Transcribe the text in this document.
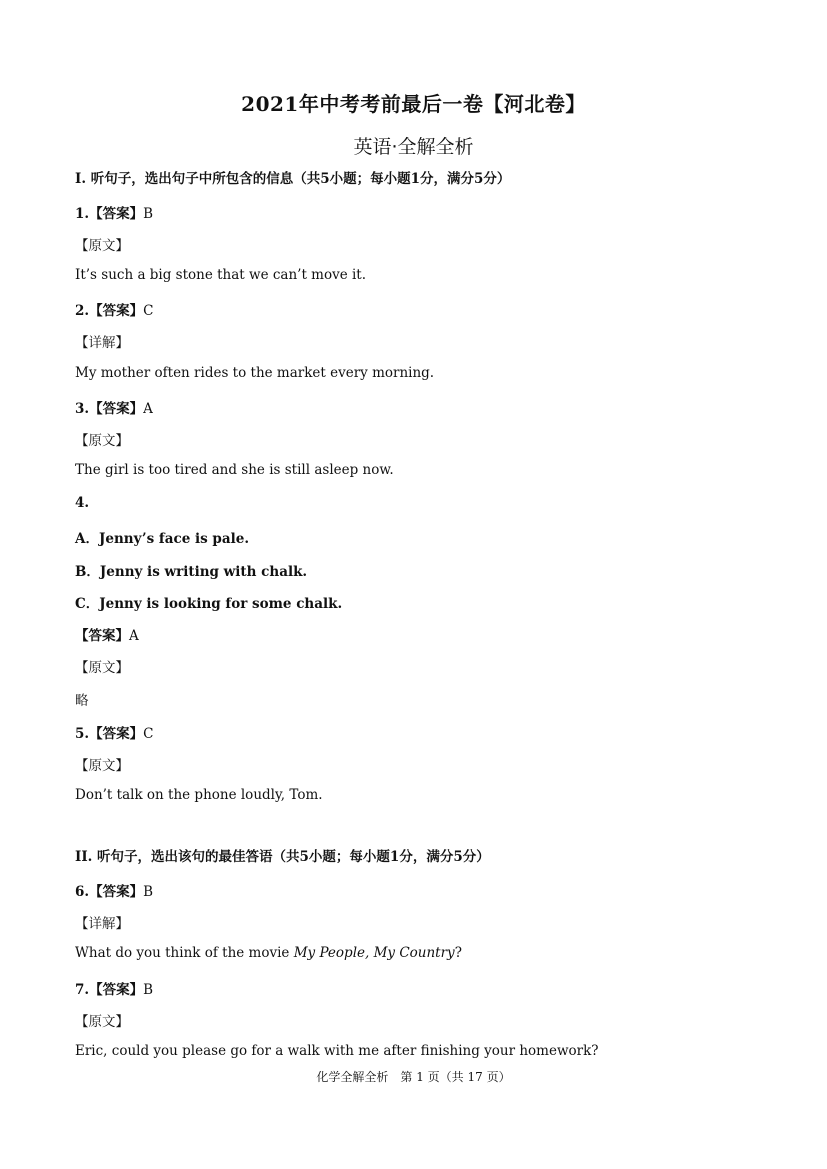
2021年中考考前最后一卷【河北卷】
英语·全解全析
I. 听句子，选出句子中所包含的信息（共5小题；每小题1分，满分5分）
1.【答案】B
【原文】
It’s such a big stone that we can’t move it.
2.【答案】C
【详解】
My mother often rides to the market every morning.
3.【答案】A
【原文】
The girl is too tired and she is still asleep now.
4.
A．Jenny’s face is pale.
B．Jenny is writing with chalk.
C．Jenny is looking for some chalk.
【答案】A
【原文】
略
5.【答案】C
【原文】
Don’t talk on the phone loudly, Tom.
II. 听句子，选出该句的最佳答语（共5小题；每小题1分，满分5分）
6.【答案】B
【详解】
What do you think of the movie My People, My Country?
7.【答案】B
【原文】
Eric, could you please go for a walk with me after finishing your homework?
化学全解全析　第 1 页（共 17 页）
